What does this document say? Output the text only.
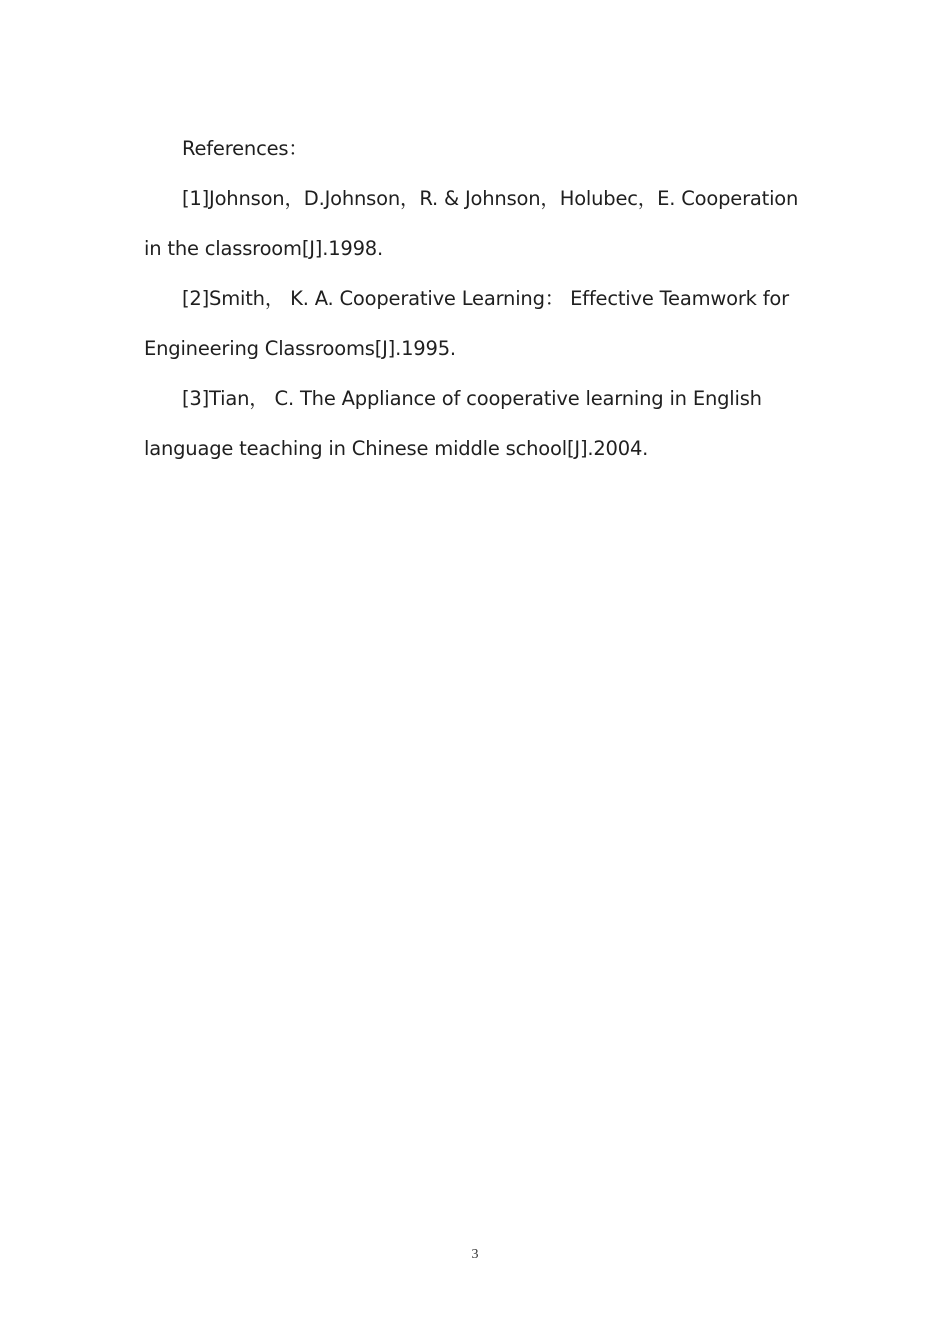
References：

[1]Johnson，D.Johnson，R. & Johnson，Holubec，E. Cooperation in the classroom[J].1998.

[2]Smith， K. A. Cooperative Learning： Effective Teamwork for Engineering Classrooms[J].1995.

[3]Tian， C. The Appliance of cooperative learning in English language teaching in Chinese middle school[J].2004.

3
